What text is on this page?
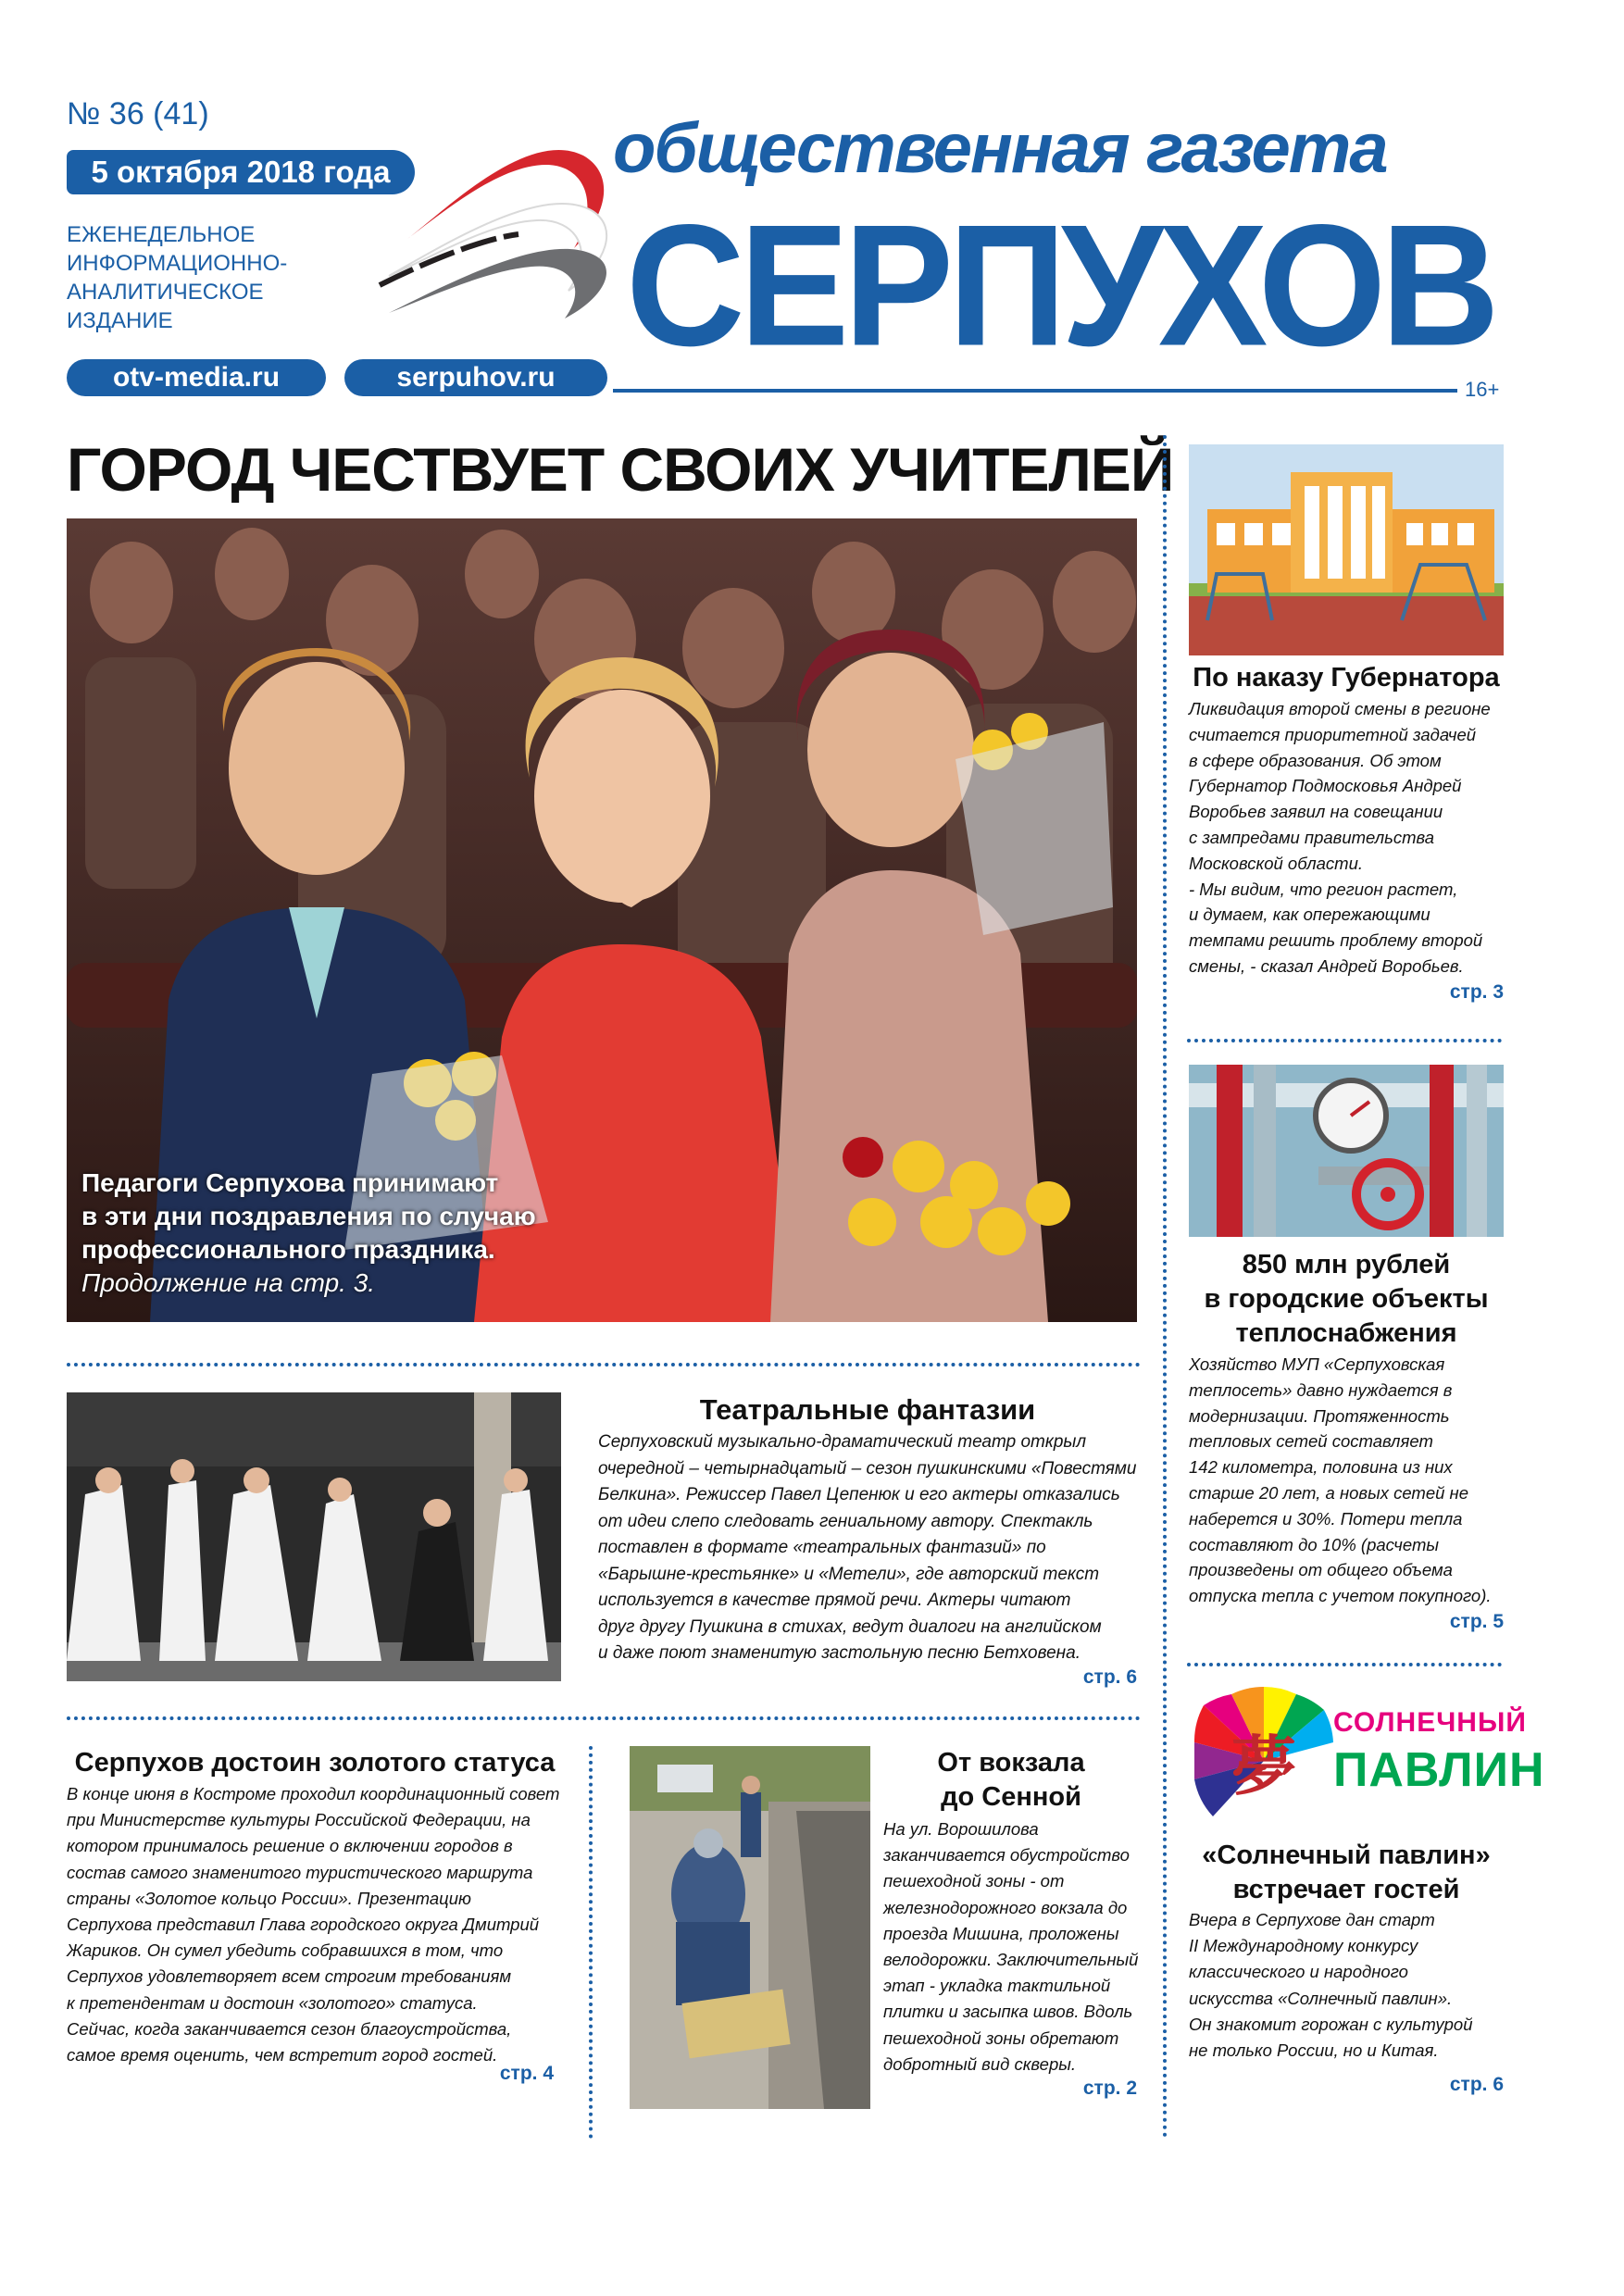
№ 36 (41)
5 октября 2018 года
ЕЖЕНЕДЕЛЬНОЕ
ИНФОРМАЦИОННО-
АНАЛИТИЧЕСКОЕ
ИЗДАНИЕ
otv-media.ru	serpuhov.ru
общественная газета
СЕРПУХОВ
16+
ГОРОД ЧЕСТВУЕТ СВОИХ УЧИТЕЛЕЙ
Педагоги Серпухова принимают
в эти дни поздравления по случаю
профессионального праздника.
Продолжение на стр. 3.
По наказу Губернатора
Ликвидация второй смены в регионе
считается приоритетной задачей
в сфере образования. Об этом
Губернатор Подмосковья Андрей
Воробьев заявил на совещании
с зампредами правительства
Московской области.
- Мы видим, что регион растет,
и думаем, как опережающими
темпами решить проблему второй
смены, - сказал Андрей Воробьев.
стр. 3
850 млн рублей
в городские объекты
теплоснабжения
Хозяйство МУП «Серпуховская
теплосеть» давно нуждается в
модернизации. Протяженность
тепловых сетей составляет
142 километра, половина из них
старше 20 лет, а новых сетей не
наберется и 30%. Потери тепла
составляют до 10% (расчеты
произведены от общего объема
отпуска тепла с учетом покупного).
стр. 5
Театральные фантазии
Серпуховский музыкально-драматический театр открыл
очередной – четырнадцатый – сезон пушкинскими «Повестями
Белкина». Режиссер Павел Цепенюк и его актеры отказались
от идеи слепо следовать гениальному автору. Спектакль
поставлен в формате «театральных фантазий» по
«Барышне-крестьянке» и «Метели», где авторский текст
используется в качестве прямой речи. Актеры читают
друг другу Пушкина в стихах, ведут диалоги на английском
и даже поют знаменитую застольную песню Бетховена.
стр. 6
Серпухов достоин золотого статуса
В конце июня в Костроме проходил координационный совет
при Министерстве культуры Российской Федерации, на
котором принималось решение о включении городов в
состав самого знаменитого туристического маршрута
страны «Золотое кольцо России». Презентацию
Серпухова представил Глава городского округа Дмитрий
Жариков. Он сумел убедить собравшихся в том, что
Серпухов удовлетворяет всем строгим требованиям
к претендентам и достоин «золотого» статуса.
Сейчас, когда заканчивается сезон благоустройства,
самое время оценить, чем встретит город гостей.
стр. 4
От вокзала
до Сенной
На ул. Ворошилова
заканчивается обустройство
пешеходной зоны - от
железнодорожного вокзала до
проезда Мишина, проложены
велодорожки. Заключительный
этап - укладка тактильной
плитки и засыпка швов. Вдоль
пешеходной зоны обретают
добротный вид скверы.
стр. 2
夢
СОЛНЕЧНЫЙ
ПАВЛИН
«Солнечный павлин»
встречает гостей
Вчера в Серпухове дан старт
II Международному конкурсу
классического и народного
искусства «Солнечный павлин».
Он знакомит горожан с культурой
не только России, но и Китая.
стр. 6
